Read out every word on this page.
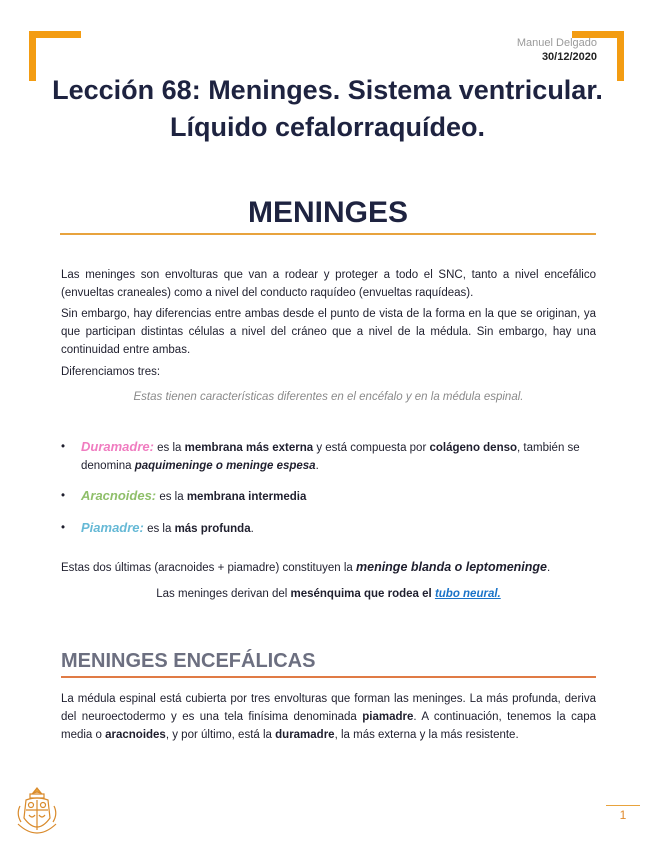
Manuel Delgado
30/12/2020
Lección 68: Meninges. Sistema ventricular. Líquido cefalorraquídeo.
MENINGES
Las meninges son envolturas que van a rodear y proteger a todo el SNC, tanto a nivel encefálico (envueltas craneales) como a nivel del conducto raquídeo (envueltas raquídeas).
Sin embargo, hay diferencias entre ambas desde el punto de vista de la forma en la que se originan, ya que participan distintas células a nivel del cráneo que a nivel de la médula. Sin embargo, hay una continuidad entre ambas.
Diferenciamos tres:
Estas tienen características diferentes en el encéfalo y en la médula espinal.
• Duramadre: es la membrana más externa y está compuesta por colágeno denso, también se denomina paquimeninge o meninge espesa.
• Aracnoides: es la membrana intermedia
• Piamadre: es la más profunda.
Estas dos últimas (aracnoides + piamadre) constituyen la meninge blanda o leptomeninge.
Las meninges derivan del mesénquima que rodea el tubo neural.
MENINGES ENCEFÁLICAS
La médula espinal está cubierta por tres envolturas que forman las meninges. La más profunda, deriva del neuroectodermo y es una tela finísima denominada piamadre. A continuación, tenemos la capa media o aracnoides, y por último, está la duramadre, la más externa y la más resistente.
1
